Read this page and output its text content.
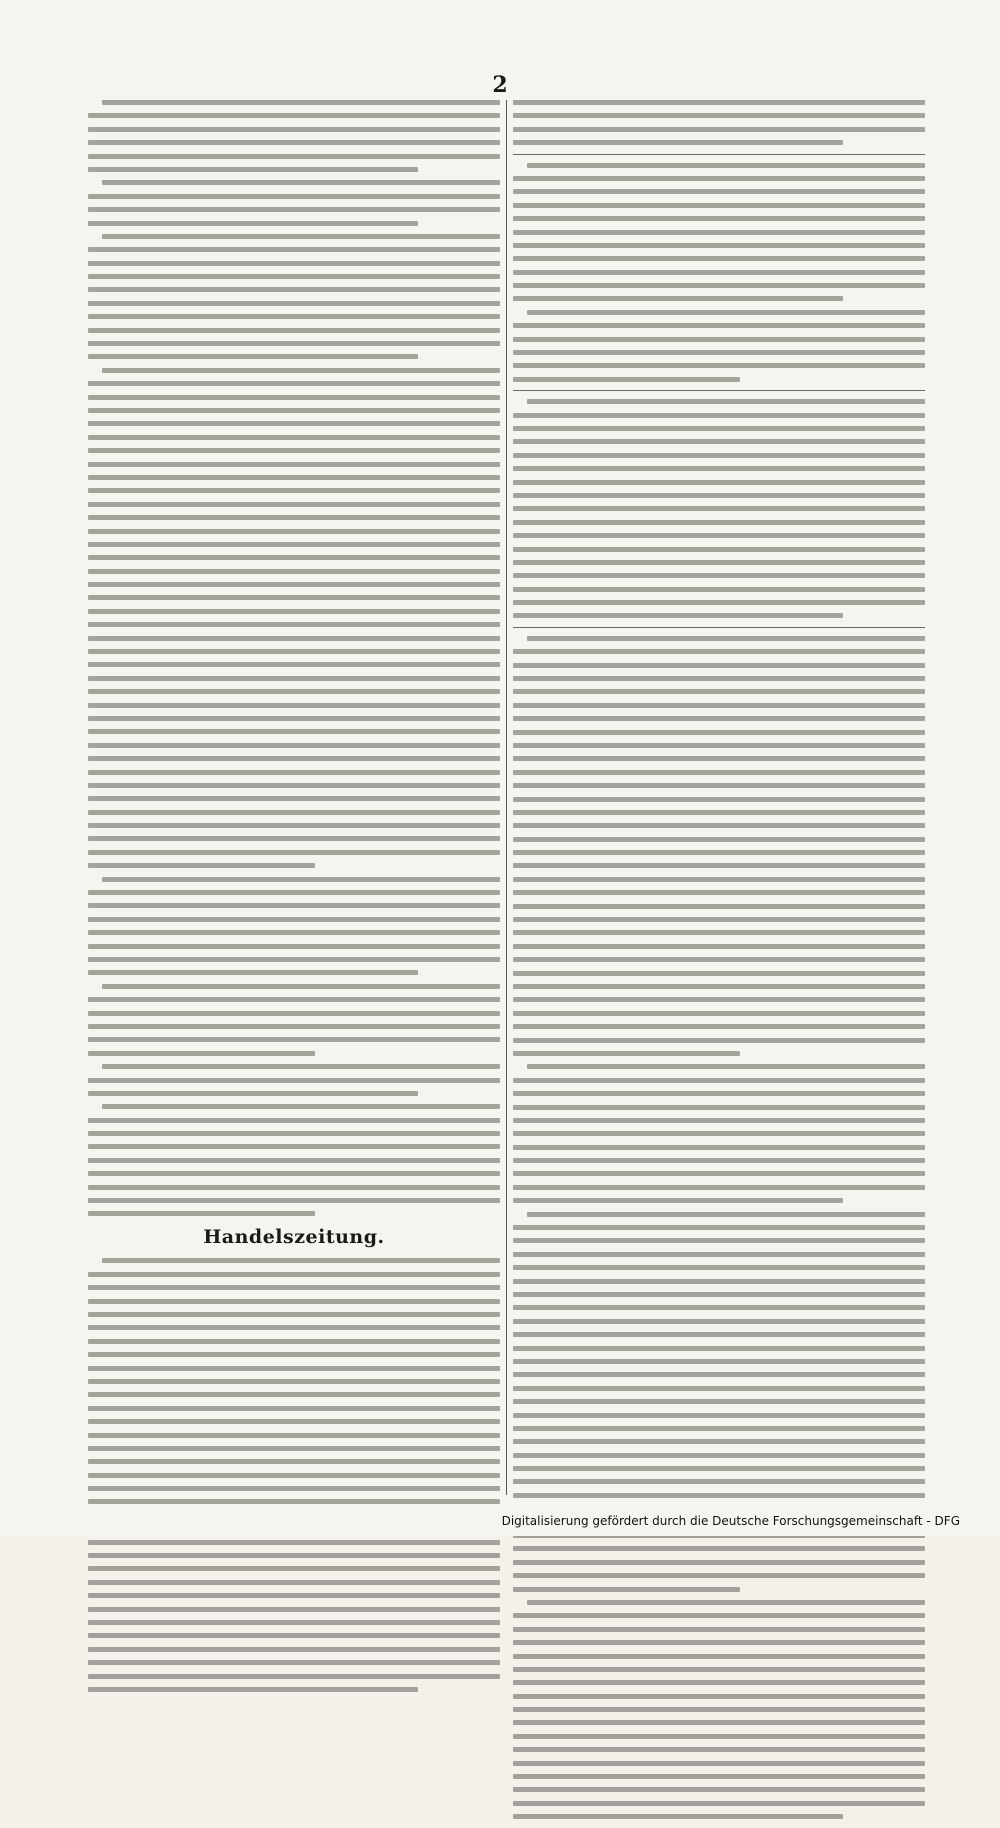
2
Handelszeitung.
Digitalisierung gefördert durch die Deutsche Forschungsgemeinschaft - DFG
